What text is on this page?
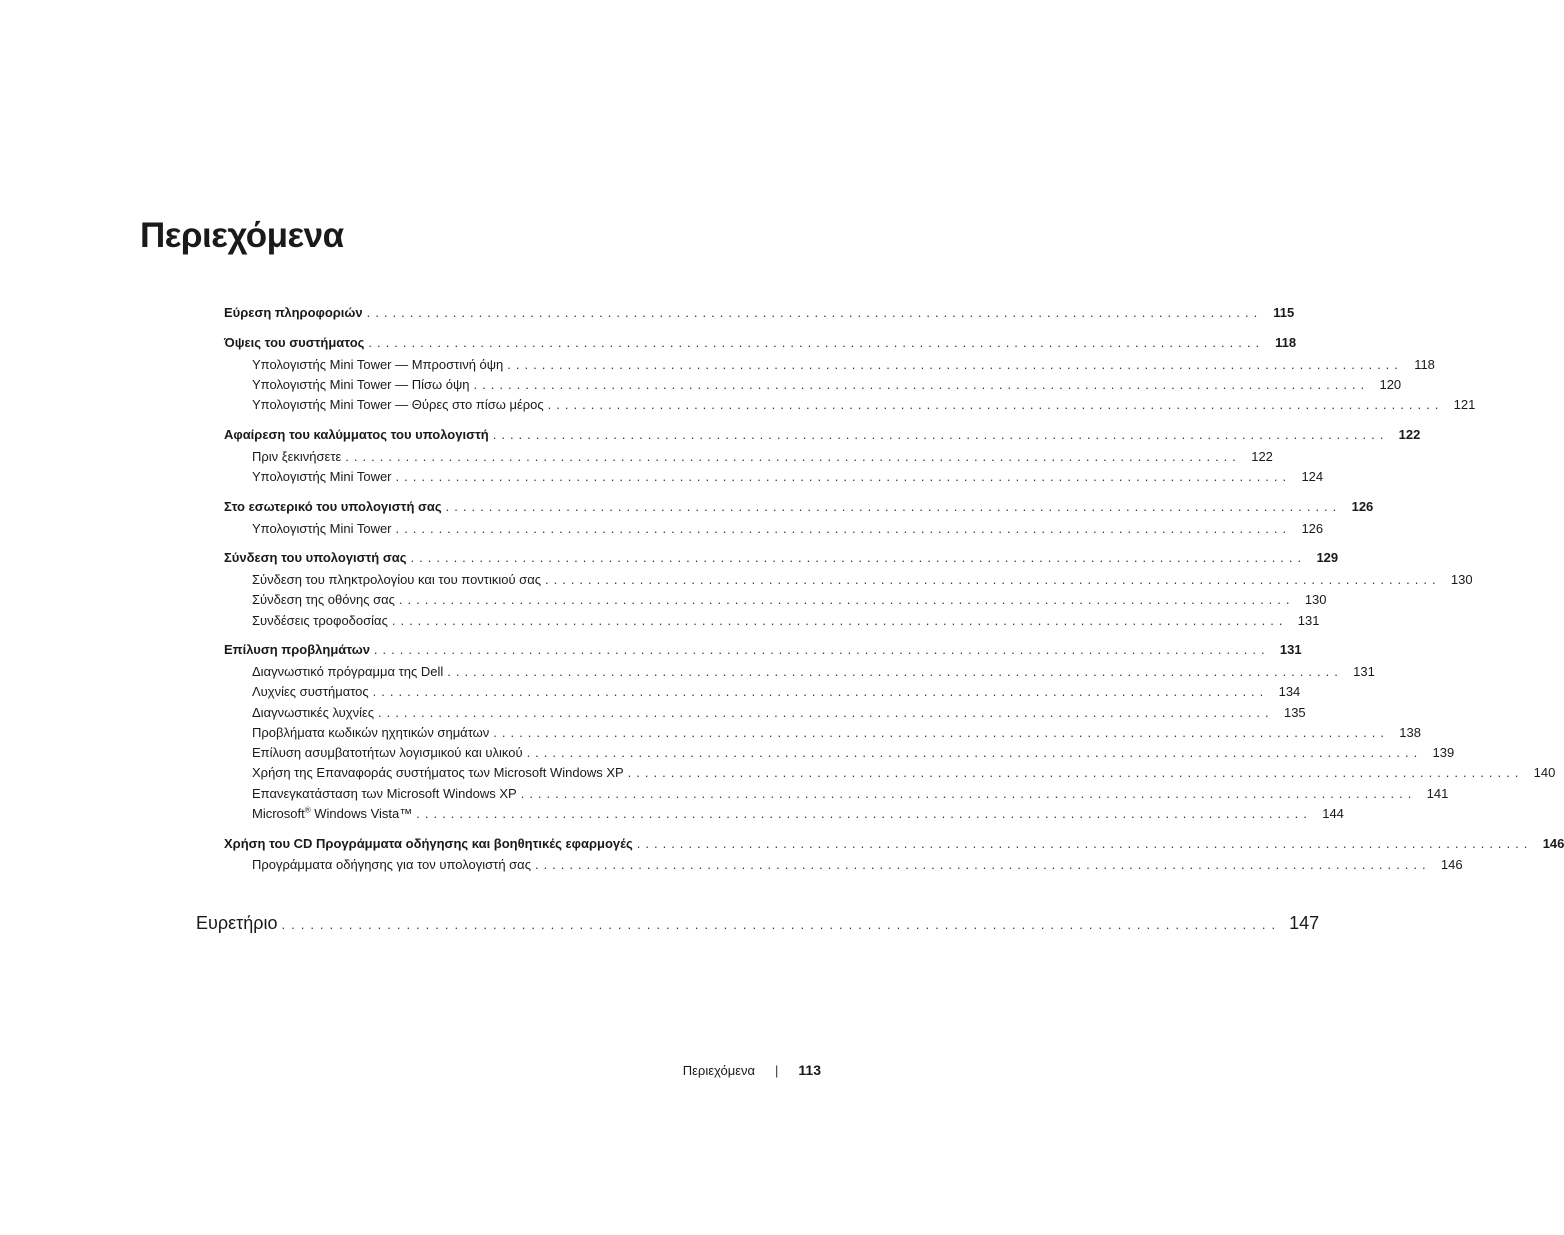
Περιεχόμενα
Εύρεση πληροφοριών ........................................................................................................ 115
Όψεις του συστήματος ........................................................................................................ 118
Υπολογιστής Mini Tower — Μπροστινή όψη ........................................................................................................ 118
Υπολογιστής Mini Tower — Πίσω όψη ........................................................................................................ 120
Υπολογιστής Mini Tower — Θύρες στο πίσω μέρος ........................................................................................................ 121
Αφαίρεση του καλύμματος του υπολογιστή ........................................................................................................ 122
Πριν ξεκινήσετε ........................................................................................................ 122
Υπολογιστής Mini Tower ........................................................................................................ 124
Στο εσωτερικό του υπολογιστή σας ........................................................................................................ 126
Υπολογιστής Mini Tower ........................................................................................................ 126
Σύνδεση του υπολογιστή σας ........................................................................................................ 129
Σύνδεση του πληκτρολογίου και του ποντικιού σας ........................................................................................................ 130
Σύνδεση της οθόνης σας ........................................................................................................ 130
Συνδέσεις τροφοδοσίας ........................................................................................................ 131
Επίλυση προβλημάτων ........................................................................................................ 131
Διαγνωστικό πρόγραμμα της Dell ........................................................................................................ 131
Λυχνίες συστήματος ........................................................................................................ 134
Διαγνωστικές λυχνίες ........................................................................................................ 135
Προβλήματα κωδικών ηχητικών σημάτων ........................................................................................................ 138
Επίλυση ασυμβατοτήτων λογισμικού και υλικού ........................................................................................................ 139
Χρήση της Επαναφοράς συστήματος των Microsoft Windows XP ........................................................................................................ 140
Επανεγκατάσταση των Microsoft Windows XP ........................................................................................................ 141
Microsoft® Windows Vista™ ........................................................................................................ 144
Χρήση του CD Προγράμματα οδήγησης και βοηθητικές εφαρμογές ........................................................................................................ 146
Προγράμματα οδήγησης για τον υπολογιστή σας ........................................................................................................ 146
Ευρετήριο ........................................................................................................ 147
Περιεχόμενα | 113
